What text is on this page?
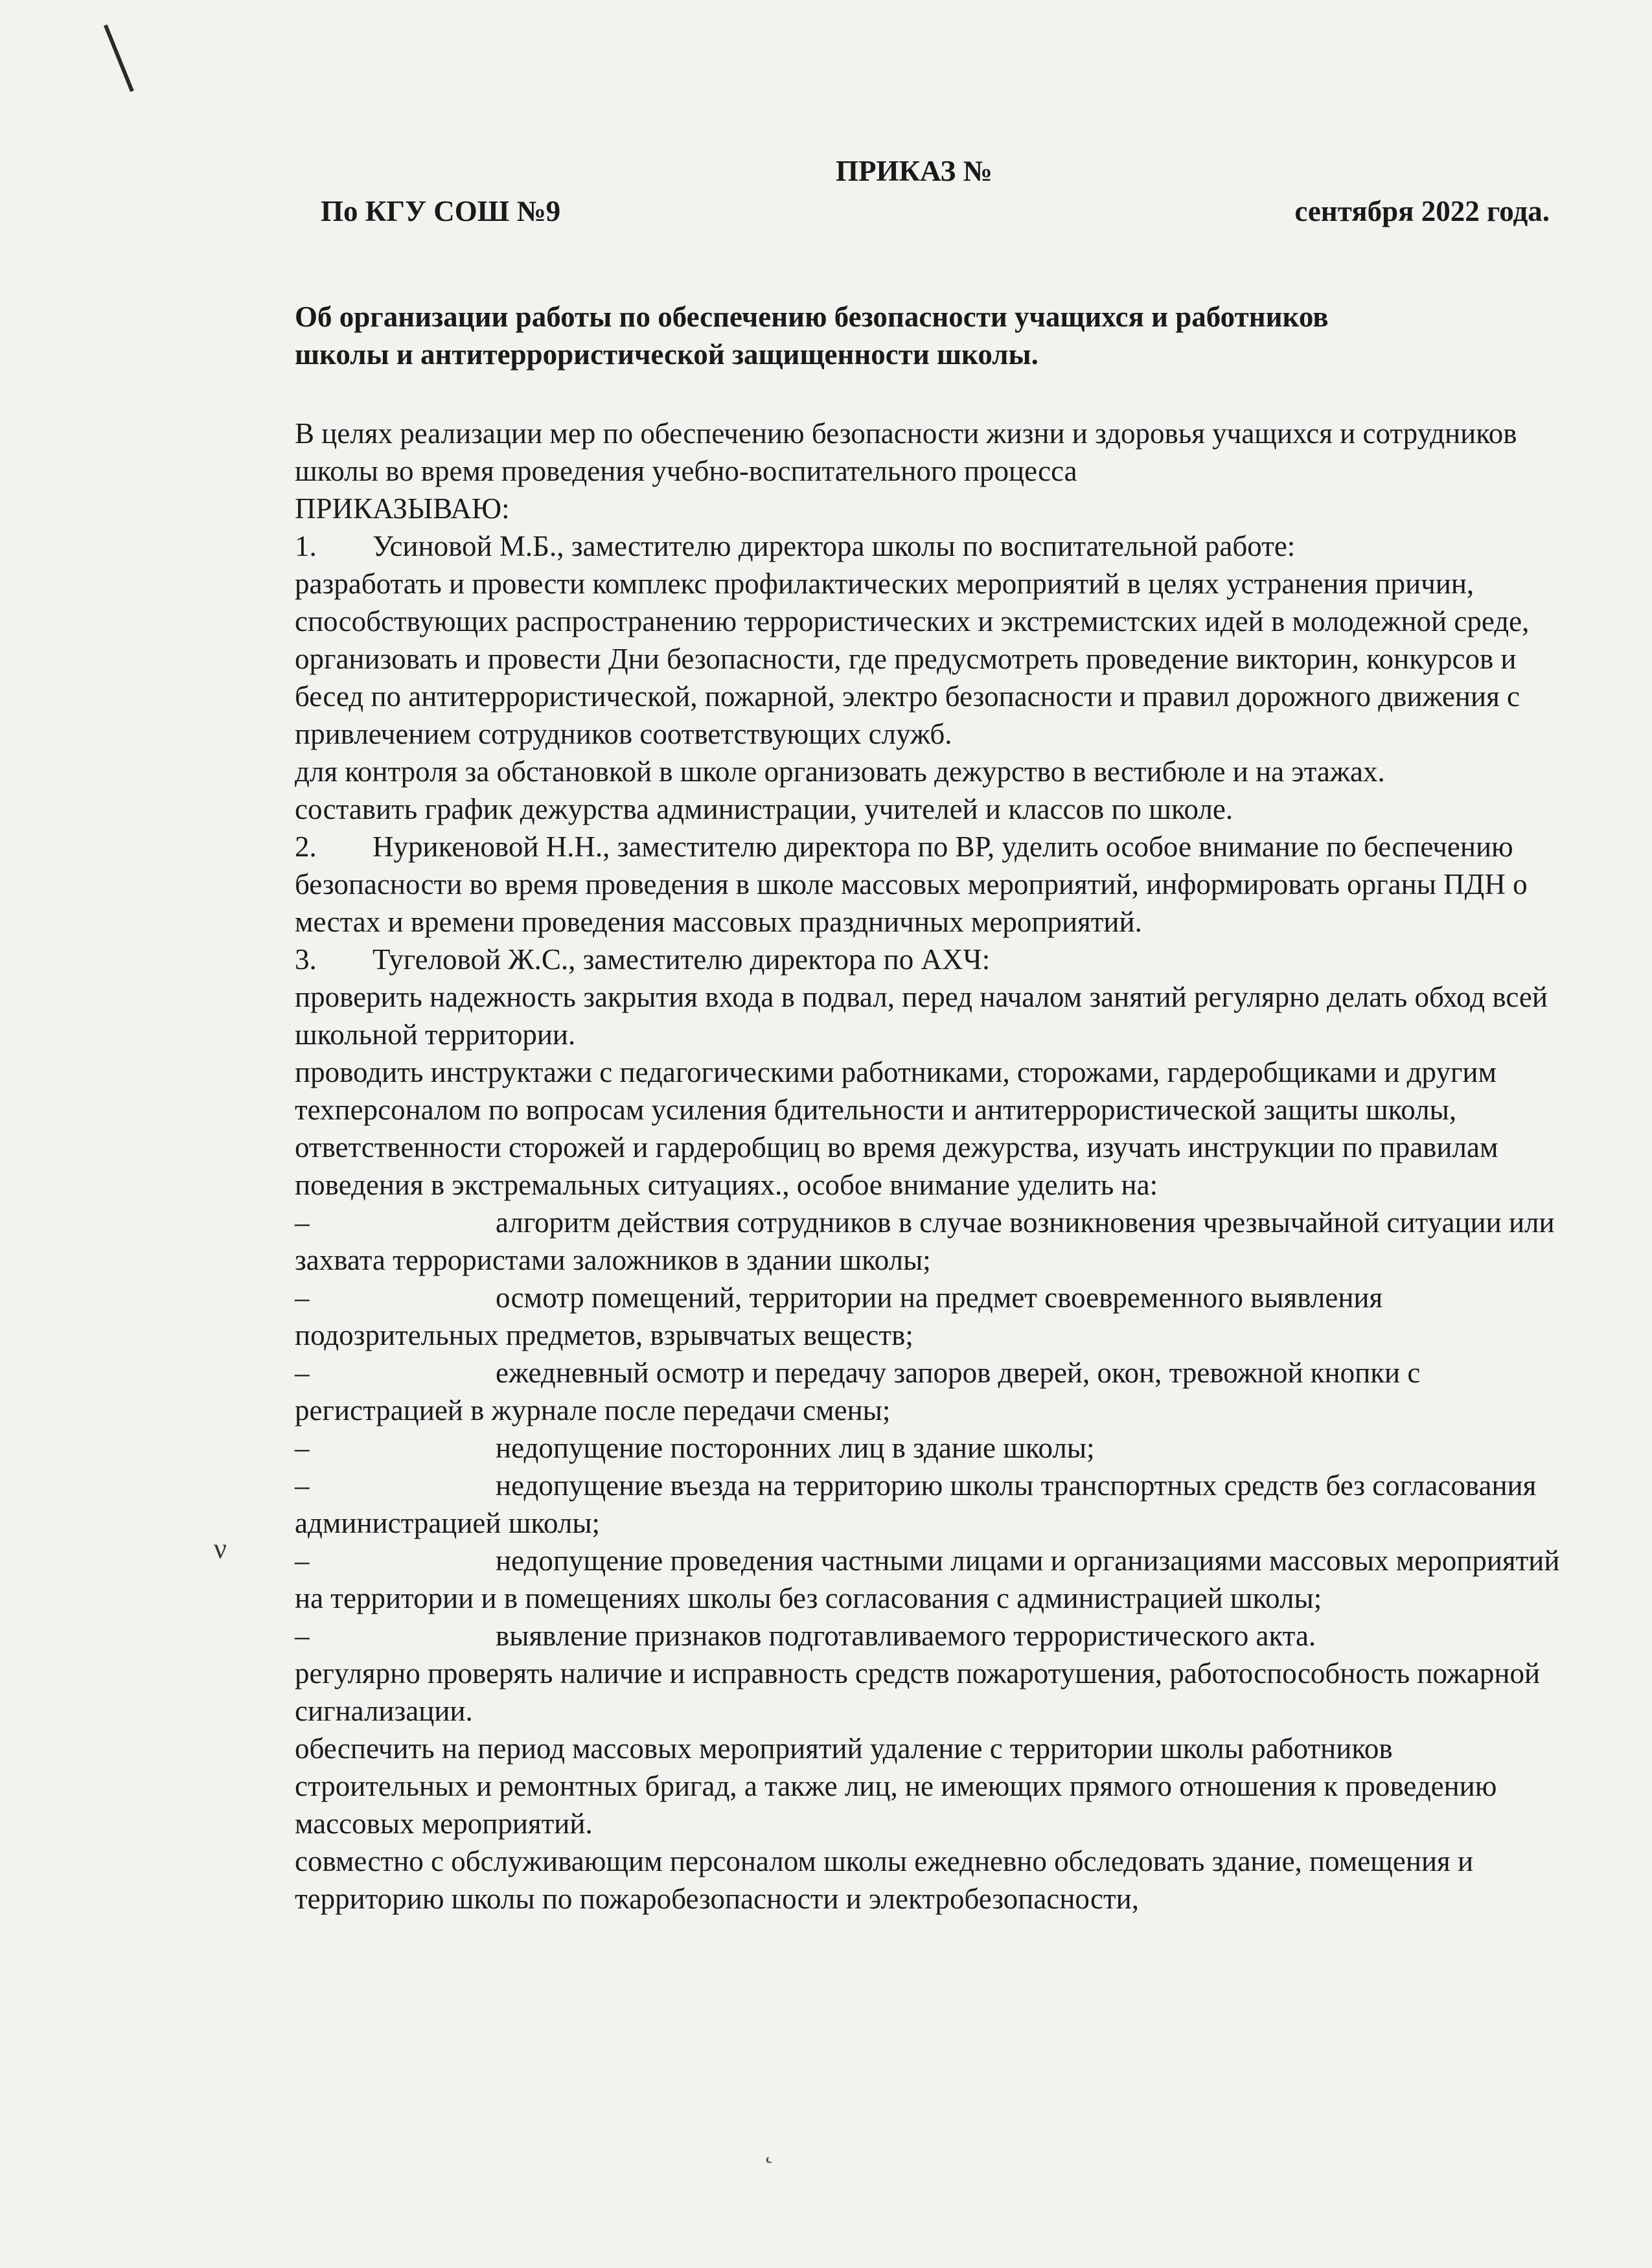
ν
˛
ПРИКАЗ №
По КГУ СОШ №9	сентября 2022 года.
Об организации работы по обеспечению безопасности учащихся и работников
школы и антитеррористической защищенности школы.

В целях реализации мер по обеспечению безопасности жизни и здоровья учащихся и сотрудников школы во время проведения учебно-воспитательного процесса

ПРИКАЗЫВАЮ:

1. Усиновой М.Б., заместителю директора школы по воспитательной работе:

разработать и провести комплекс профилактических мероприятий в целях устранения причин, способствующих распространению террористических и экстремистских идей в молодежной среде, организовать и провести Дни безопасности, где предусмотреть проведение викторин, конкурсов и бесед по антитеррористической, пожарной, электро безопасности и правил дорожного движения с привлечением сотрудников соответствующих служб.

для контроля за обстановкой в школе организовать дежурство в вестибюле и на этажах.

составить график дежурства администрации, учителей и классов по школе.

2. Нурикеновой Н.Н., заместителю директора по ВР, уделить особое внимание по беспечению безопасности во время проведения в школе массовых мероприятий, информировать органы ПДН о местах и времени проведения массовых праздничных мероприятий.

3. Тугеловой Ж.С., заместителю директора по АХЧ:

проверить надежность закрытия входа в подвал, перед началом занятий регулярно делать обход всей школьной территории.

проводить инструктажи с педагогическими работниками, сторожами, гардеробщиками и другим техперсоналом по вопросам усиления бдительности и антитеррористической защиты школы, ответственности сторожей и гардеробщиц во время дежурства, изучать инструкции по правилам поведения в экстремальных ситуациях., особое внимание уделить на:

–	алгоритм действия сотрудников в случае возникновения чрезвычайной ситуации или захвата террористами заложников в здании школы;

–	осмотр помещений, территории на предмет своевременного выявления подозрительных предметов, взрывчатых веществ;

–	ежедневный осмотр и передачу запоров дверей, окон, тревожной кнопки с регистрацией в журнале после передачи смены;

–	недопущение посторонних лиц в здание школы;

–	недопущение въезда на территорию школы транспортных средств без согласования администрацией школы;

–	недопущение проведения частными лицами и организациями массовых мероприятий на территории и в помещениях школы без согласования с администрацией школы;

–	выявление признаков подготавливаемого террористического акта.

регулярно проверять наличие и исправность средств пожаротушения, работоспособность пожарной сигнализации.

обеспечить на период массовых мероприятий удаление с территории школы работников строительных и ремонтных бригад, а также лиц, не имеющих прямого отношения к проведению массовых мероприятий.

совместно с обслуживающим персоналом школы ежедневно обследовать здание, помещения и территорию школы по пожаробезопасности и электробезопасности,
